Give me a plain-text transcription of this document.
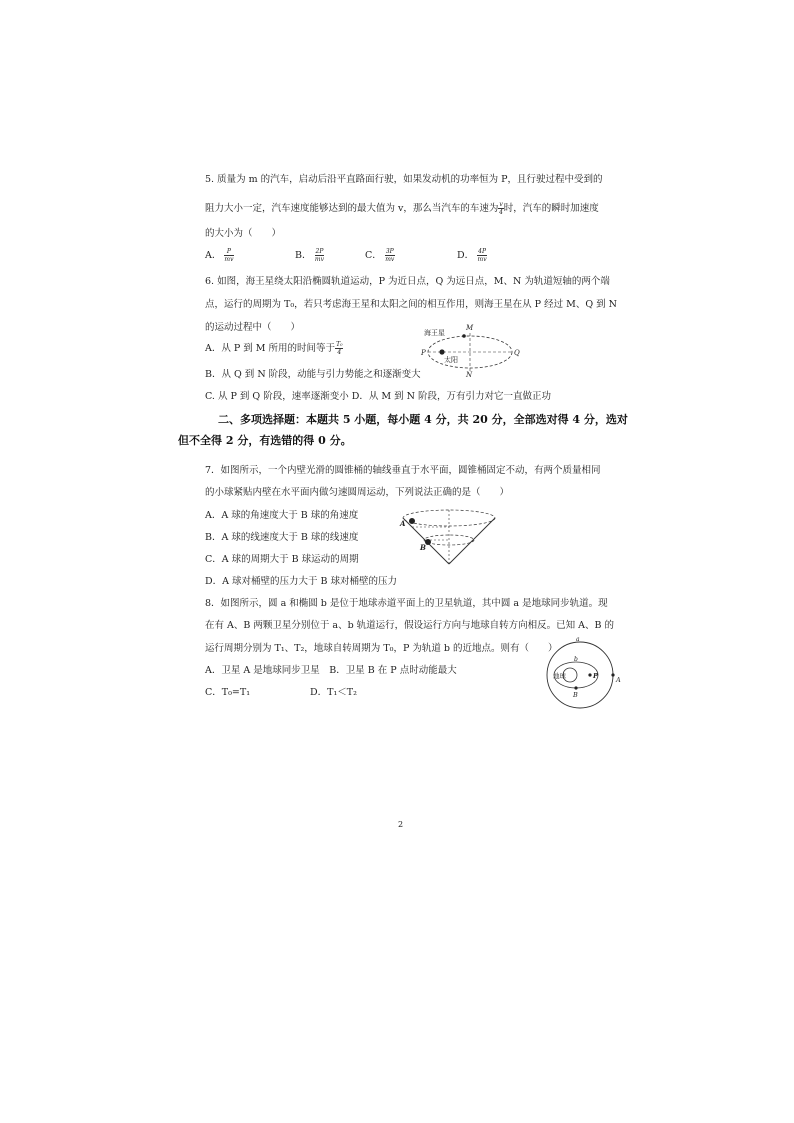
5. 质量为 m 的汽车，启动后沿平直路面行驶，如果发动机的功率恒为 P，且行驶过程中受到的
阻力大小一定，汽车速度能够达到的最大值为 v，那么当汽车的车速为 $\frac{v}{4}$ 时，汽车的瞬时加速度
的大小为（　　）
A． $\frac{P}{mv}$	B． $\frac{2P}{mv}$	C． $\frac{3P}{mv}$	D． $\frac{4P}{mv}$
6. 如图，海王星绕太阳沿椭圆轨道运动，P 为近日点，Q 为远日点，M、N 为轨道短轴的两个端
点，运行的周期为 T₀，若只考虑海王星和太阳之间的相互作用，则海王星在从 P 经过 M、Q 到 N
的运动过程中（　　）
A．从 P 到 M 所用的时间等于 $\frac{\text{T₀}}{4}$
B．从 Q 到 N 阶段，动能与引力势能之和逐渐变大
C. 从 P 到 Q 阶段，速率逐渐变小 D．从 M 到 N 阶段，万有引力对它一直做正功
海王星
太阳
M
N
P	Q
二、多项选择题：本题共 5 小题，每小题 4 分，共 20 分，全部选对得 4 分，选对
但不全得 2 分，有选错的得 0 分。
7．如图所示，一个内壁光滑的圆锥桶的轴线垂直于水平面，圆锥桶固定不动，有两个质量相同
的小球紧贴内壁在水平面内做匀速圆周运动，下列说法正确的是（　　）
A．A 球的角速度大于 B 球的角速度
B．A 球的线速度大于 B 球的线速度
C．A 球的周期大于 B 球运动的周期
D．A 球对桶壁的压力大于 B 球对桶壁的压力
A
B
8．如图所示，圆 a 和椭圆 b 是位于地球赤道平面上的卫星轨道，其中圆 a 是地球同步轨道。现
在有 A、B 两颗卫星分别位于 a、b 轨道运行，假设运行方向与地球自转方向相反。已知 A、B 的
运行周期分别为 T₁、T₂，地球自转周期为 T₀，P 为轨道 b 的近地点。则有（　　）
A．卫星 A 是地球同步卫星　B．卫星 B 在 P 点时动能最大
C．T₀=T₁	D．T₁＜T₂
a
b
地球	P	A
B
2
